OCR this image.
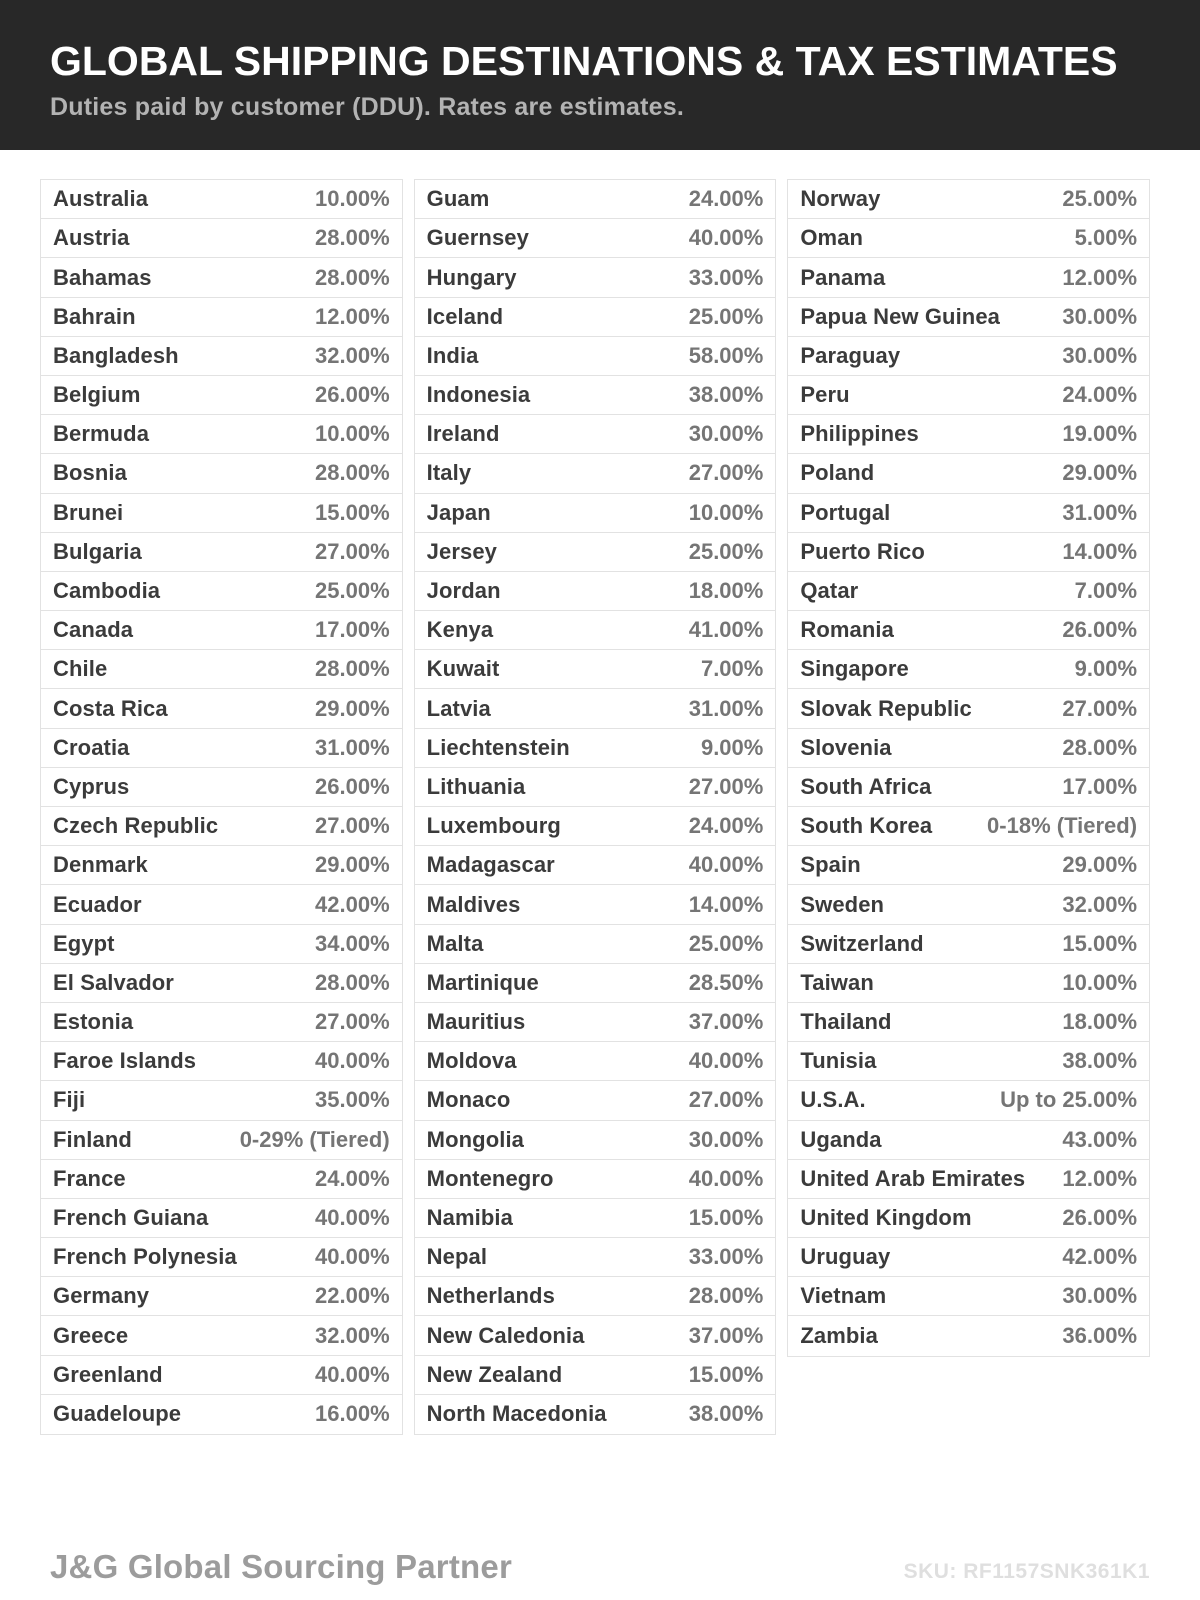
GLOBAL SHIPPING DESTINATIONS & TAX ESTIMATES

Duties paid by customer (DDU). Rates are estimates.

Australia	10.00%
Austria	28.00%
Bahamas	28.00%
Bahrain	12.00%
Bangladesh	32.00%
Belgium	26.00%
Bermuda	10.00%
Bosnia	28.00%
Brunei	15.00%
Bulgaria	27.00%
Cambodia	25.00%
Canada	17.00%
Chile	28.00%
Costa Rica	29.00%
Croatia	31.00%
Cyprus	26.00%
Czech Republic	27.00%
Denmark	29.00%
Ecuador	42.00%
Egypt	34.00%
El Salvador	28.00%
Estonia	27.00%
Faroe Islands	40.00%
Fiji	35.00%
Finland	0-29% (Tiered)
France	24.00%
French Guiana	40.00%
French Polynesia	40.00%
Germany	22.00%
Greece	32.00%
Greenland	40.00%
Guadeloupe	16.00%
Guam	24.00%
Guernsey	40.00%
Hungary	33.00%
Iceland	25.00%
India	58.00%
Indonesia	38.00%
Ireland	30.00%
Italy	27.00%
Japan	10.00%
Jersey	25.00%
Jordan	18.00%
Kenya	41.00%
Kuwait	7.00%
Latvia	31.00%
Liechtenstein	9.00%
Lithuania	27.00%
Luxembourg	24.00%
Madagascar	40.00%
Maldives	14.00%
Malta	25.00%
Martinique	28.50%
Mauritius	37.00%
Moldova	40.00%
Monaco	27.00%
Mongolia	30.00%
Montenegro	40.00%
Namibia	15.00%
Nepal	33.00%
Netherlands	28.00%
New Caledonia	37.00%
New Zealand	15.00%
North Macedonia	38.00%
Norway	25.00%
Oman	5.00%
Panama	12.00%
Papua New Guinea	30.00%
Paraguay	30.00%
Peru	24.00%
Philippines	19.00%
Poland	29.00%
Portugal	31.00%
Puerto Rico	14.00%
Qatar	7.00%
Romania	26.00%
Singapore	9.00%
Slovak Republic	27.00%
Slovenia	28.00%
South Africa	17.00%
South Korea 0-18% (Tiered)
Spain	29.00%
Sweden	32.00%
Switzerland	15.00%
Taiwan	10.00%
Thailand	18.00%
Tunisia	38.00%
U.S.A.	Up to 25.00%
Uganda	43.00%
United Arab Emirates 12.00%
United Kingdom	26.00%
Uruguay	42.00%
Vietnam	30.00%
Zambia	36.00%
J&G Global Sourcing Partner	SKU: RF1157SNK361K1
